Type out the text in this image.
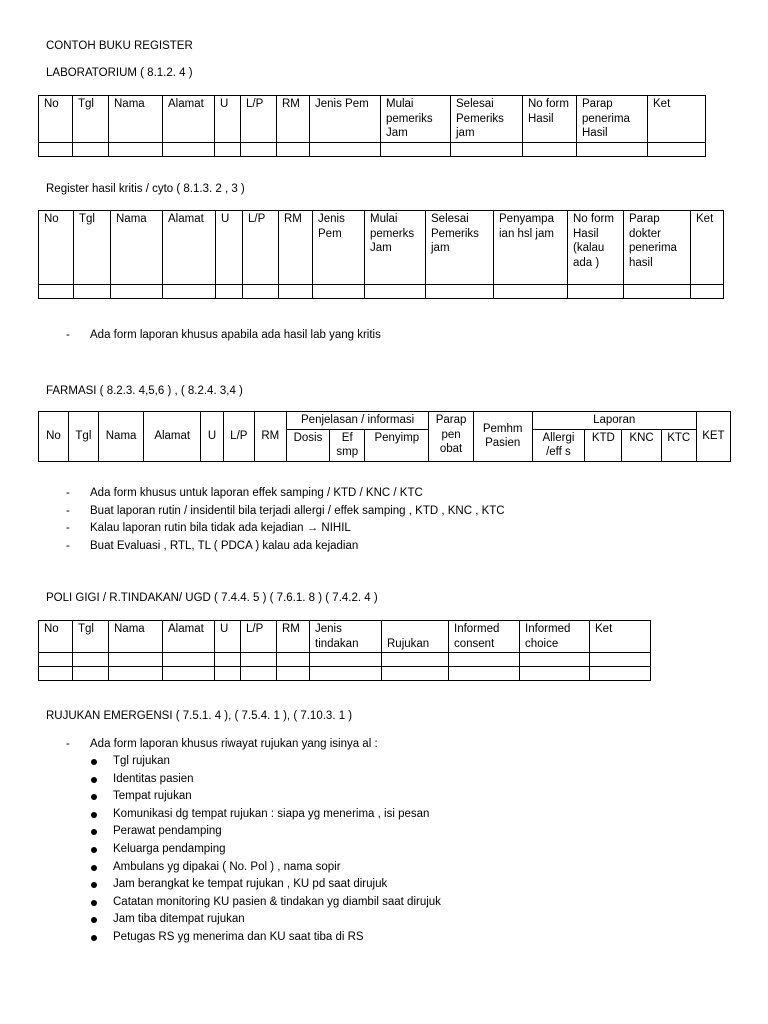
CONTOH BUKU REGISTER
LABORATORIUM ( 8.1.2. 4 )
No	Tgl	Nama	Alamat	U	L/P	RM	Jenis Pem	Mulai pemeriks Jam	Selesai Pemeriks jam	No form Hasil	Parap penerima Hasil	Ket

Register hasil kritis / cyto ( 8.1.3. 2 , 3 )
No	Tgl	Nama	Alamat	U	L/P	RM	Jenis Pem	Mulai pemerks Jam	Selesai Pemeriks jam	Penyampa ian hsl jam	No form Hasil (kalau ada )	Parap dokter penerima hasil	Ket

- Ada form laporan khusus apabila ada hasil lab yang kritis
FARMASI ( 8.2.3. 4,5,6 ) , ( 8.2.4. 3,4 )
No	Tgl	Nama	Alamat	U	L/P	RM	Penjelasan / informasi			Parap pen obat	Pemhm Pasien	Laporan				KET
							Dosis	Ef smp	Penyimp			Allergi /eff s	KTD	KNC	KTC	
- Ada form khusus untuk laporan effek samping / KTD / KNC / KTC
- Buat laporan rutin / insidentil bila terjadi allergi / effek samping , KTD , KNC , KTC
- Kalau laporan rutin bila tidak ada kejadian → NIHIL
- Buat Evaluasi , RTL, TL ( PDCA ) kalau ada kejadian
POLI GIGI / R.TINDAKAN/ UGD ( 7.4.4. 5 ) ( 7.6.1. 8 ) ( 7.4.2. 4 )
No	Tgl	Nama	Alamat	U	L/P	RM	Jenis tindakan	Rujukan	Informed consent	Informed choice	Ket

RUJUKAN EMERGENSI ( 7.5.1. 4 ), ( 7.5.4. 1 ), ( 7.10.3. 1 )
- Ada form laporan khusus riwayat rujukan yang isinya al :
Tgl rujukan
Identitas pasien
Tempat rujukan
Komunikasi dg tempat rujukan : siapa yg menerima , isi pesan
Perawat pendamping
Keluarga pendamping
Ambulans yg dipakai ( No. Pol ) , nama sopir
Jam berangkat ke tempat rujukan , KU pd saat dirujuk
Catatan monitoring KU pasien & tindakan yg diambil saat dirujuk
Jam tiba ditempat rujukan
Petugas RS yg menerima dan KU saat tiba di RS
